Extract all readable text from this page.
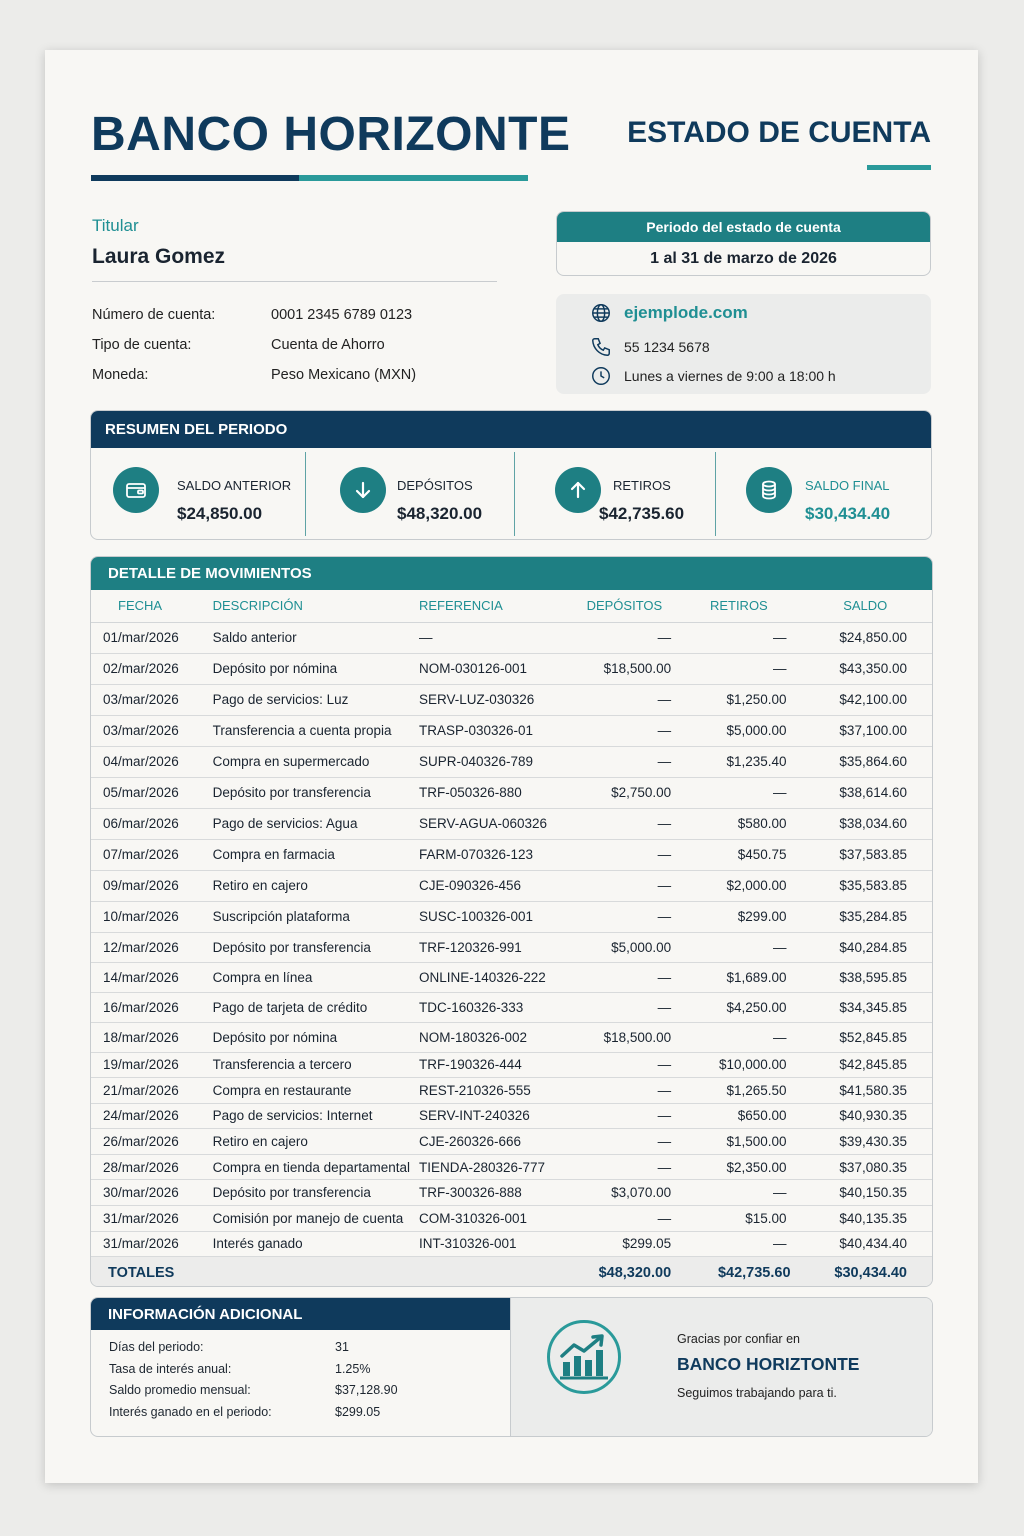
BANCO HORIZONTE ESTADO DE CUENTA
Titular
Laura Gomez
Número de cuenta:	0001 2345 6789 0123
Tipo de cuenta:	Cuenta de Ahorro
Moneda:	Peso Mexicano (MXN)
Periodo del estado de cuenta
1 al 31 de marzo de 2026
ejemplode.com
55 1234 5678
Lunes a viernes de 9:00 a 18:00 h
RESUMEN DEL PERIODO
SALDO ANTERIOR
$24,850.00
DEPÓSITOS
$48,320.00
RETIROS
$42,735.60
SALDO FINAL
$30,434.40
DETALLE DE MOVIMIENTOS
FECHA	DESCRIPCIÓN	REFERENCIA	DEPÓSITOS	RETIROS	SALDO
01/mar/2026	Saldo anterior	—	—	—	$24,850.00
02/mar/2026	Depósito por nómina	NOM-030126-001	$18,500.00	—	$43,350.00
03/mar/2026	Pago de servicios: Luz	SERV-LUZ-030326	—	$1,250.00	$42,100.00
03/mar/2026	Transferencia a cuenta propia	TRASP-030326-01	—	$5,000.00	$37,100.00
04/mar/2026	Compra en supermercado	SUPR-040326-789	—	$1,235.40	$35,864.60
05/mar/2026	Depósito por transferencia	TRF-050326-880	$2,750.00	—	$38,614.60
06/mar/2026	Pago de servicios: Agua	SERV-AGUA-060326	—	$580.00	$38,034.60
07/mar/2026	Compra en farmacia	FARM-070326-123	—	$450.75	$37,583.85
09/mar/2026	Retiro en cajero	CJE-090326-456	—	$2,000.00	$35,583.85
10/mar/2026	Suscripción plataforma	SUSC-100326-001	—	$299.00	$35,284.85
12/mar/2026	Depósito por transferencia	TRF-120326-991	$5,000.00	—	$40,284.85
14/mar/2026	Compra en línea	ONLINE-140326-222	—	$1,689.00	$38,595.85
16/mar/2026	Pago de tarjeta de crédito	TDC-160326-333	—	$4,250.00	$34,345.85
18/mar/2026	Depósito por nómina	NOM-180326-002	$18,500.00	—	$52,845.85
19/mar/2026	Transferencia a tercero	TRF-190326-444	—	$10,000.00	$42,845.85
21/mar/2026	Compra en restaurante	REST-210326-555	—	$1,265.50	$41,580.35
24/mar/2026	Pago de servicios: Internet	SERV-INT-240326	—	$650.00	$40,930.35
26/mar/2026	Retiro en cajero	CJE-260326-666	—	$1,500.00	$39,430.35
28/mar/2026	Compra en tienda departamental	TIENDA-280326-777	—	$2,350.00	$37,080.35
30/mar/2026	Depósito por transferencia	TRF-300326-888	$3,070.00	—	$40,150.35
31/mar/2026	Comisión por manejo de cuenta	COM-310326-001	—	$15.00	$40,135.35
31/mar/2026	Interés ganado	INT-310326-001	$299.05	—	$40,434.40
TOTALES			$48,320.00	$42,735.60	$30,434.40
INFORMACIÓN ADICIONAL
Días del periodo:	31
Tasa de interés anual:	1.25%
Saldo promedio mensual:	$37,128.90
Interés ganado en el periodo:	$299.05
Gracias por confiar en
BANCO HORIZTONTE
Seguimos trabajando para ti.
